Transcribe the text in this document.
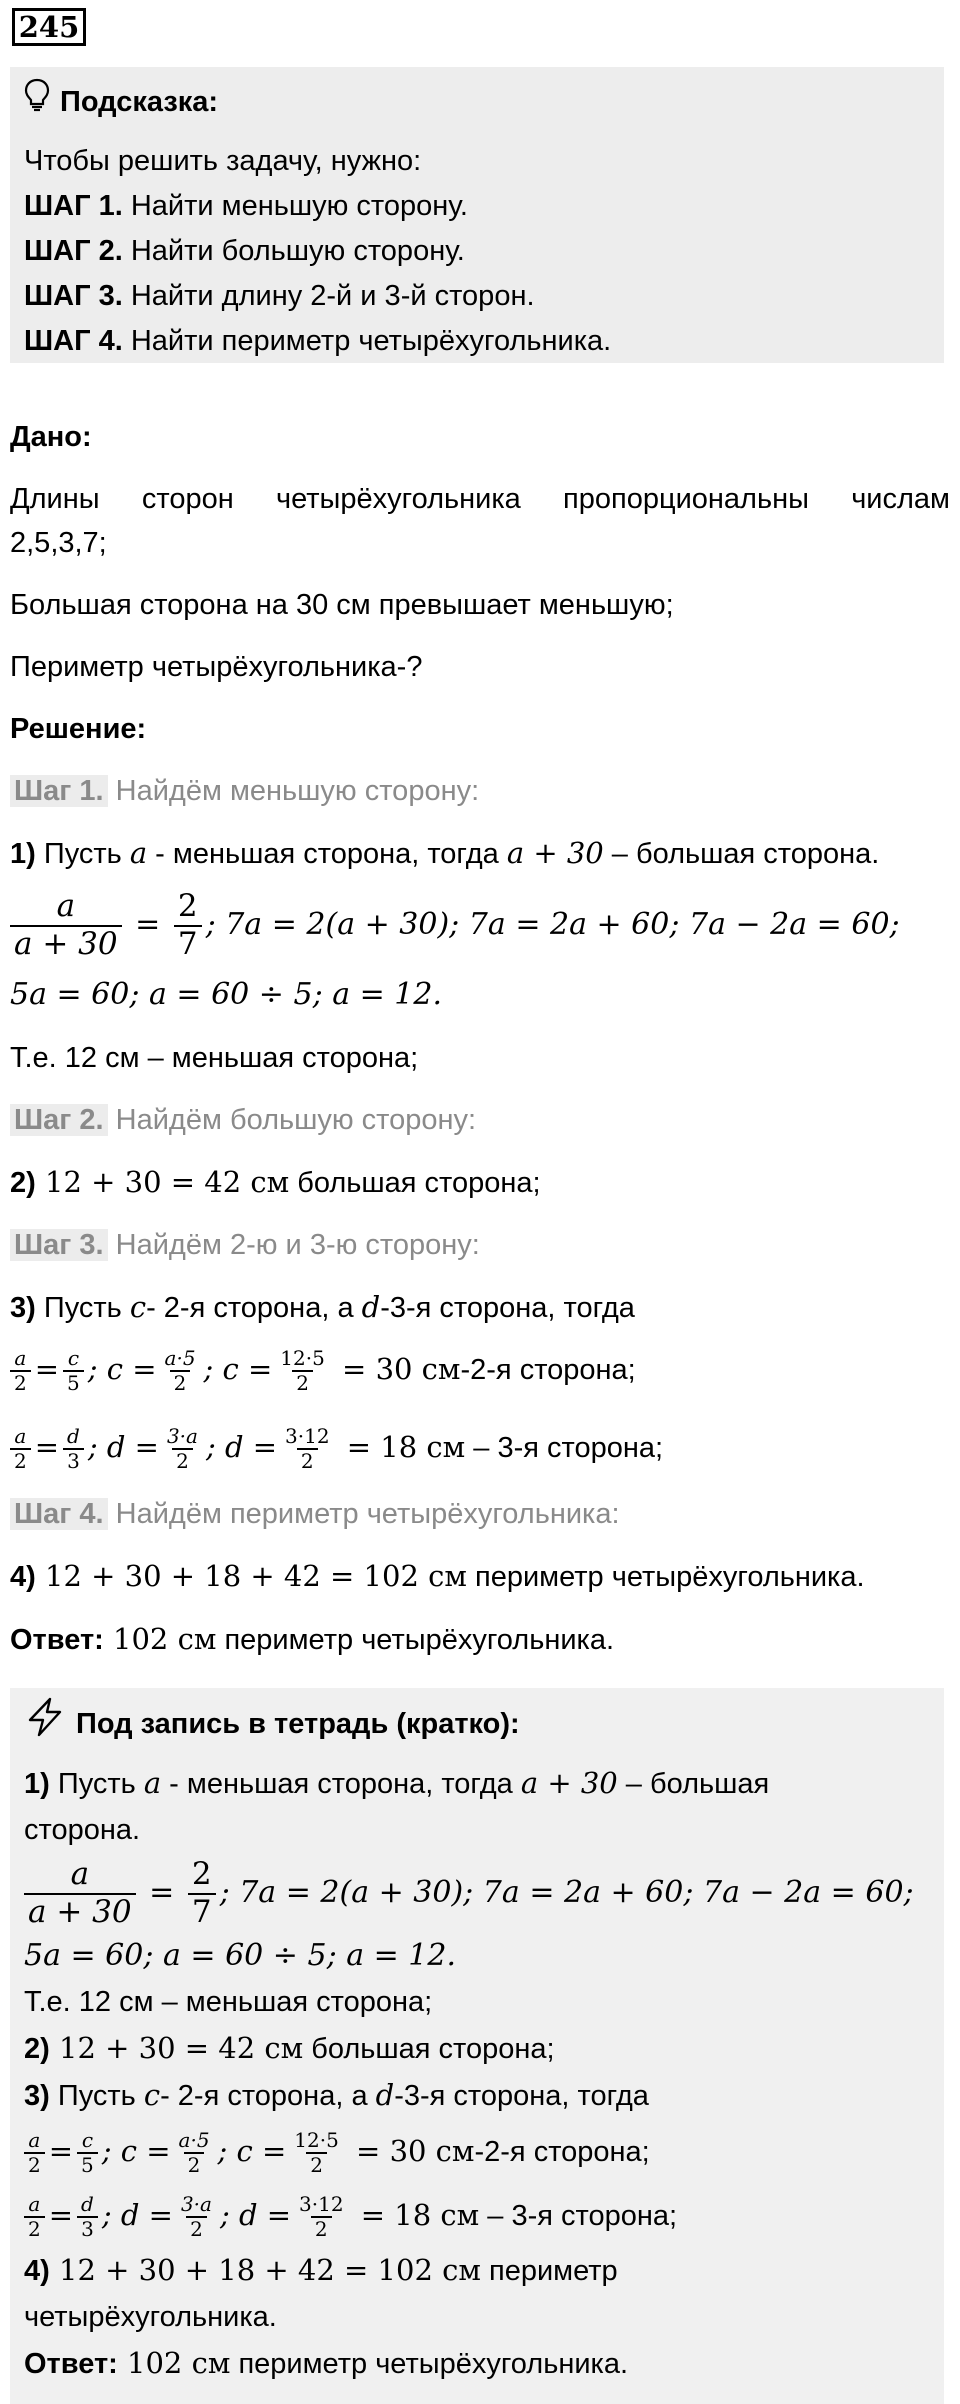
245
Подсказка:

Чтобы решить задачу, нужно:

ШАГ 1. Найти меньшую сторону.

ШАГ 2. Найти большую сторону.

ШАГ 3. Найти длину 2-й и 3-й сторон.

ШАГ 4. Найти периметр четырёхугольника.

Дано:

Длины сторон четырёхугольника пропорциональны числам

2,5,3,7;

Большая сторона на 30 см превышает меньшую;

Периметр четырёхугольника-?

Решение:

Шаг 1. Найдём меньшую сторону:

1) Пусть a - меньшая сторона, тогда a + 30 – большая сторона.

$\frac{a}{a + 30} = \frac{2}{7}$ ; 7a = 2(a + 30); 7a = 2a + 60; 7a − 2a = 60;

5a = 60; a = 60 ÷ 5; a = 12.

Т.е. 12 см – меньшая сторона;

Шаг 2. Найдём большую сторону:

2) 12 + 30 = 42 см большая сторона;

Шаг 3. Найдём 2-ю и 3-ю сторону:

3) Пусть c- 2-я сторона, а d-3-я сторона, тогда

$\frac{a}{2} = \frac{c}{5}$ ; $c = \frac{a\cdot 5}{2}$ ; $c = \frac{12\cdot 5}{2} = 30$ см-2-я сторона;

$\frac{a}{2} = \frac{d}{3}$ ; $d = \frac{3\cdot a}{2}$ ; $d = \frac{3\cdot 12}{2} = 18$ см – 3-я сторона;

Шаг 4. Найдём периметр четырёхугольника:

4) 12 + 30 + 18 + 42 = 102 см периметр четырёхугольника.

Ответ: 102 см периметр четырёхугольника.

Под запись в тетрадь (кратко):

1) Пусть a - меньшая сторона, тогда a + 30 – большая

сторона.

$\frac{a}{a + 30} = \frac{2}{7}$ ; 7a = 2(a + 30); 7a = 2a + 60; 7a − 2a = 60;

5a = 60; a = 60 ÷ 5; a = 12.

Т.е. 12 см – меньшая сторона;

2) 12 + 30 = 42 см большая сторона;

3) Пусть c- 2-я сторона, а d-3-я сторона, тогда

$\frac{a}{2} = \frac{c}{5}$ ; $c = \frac{a\cdot 5}{2}$ ; $c = \frac{12\cdot 5}{2} = 30$ см-2-я сторона;

$\frac{a}{2} = \frac{d}{3}$ ; $d = \frac{3\cdot a}{2}$ ; $d = \frac{3\cdot 12}{2} = 18$ см – 3-я сторона;

4) 12 + 30 + 18 + 42 = 102 см периметр

четырёхугольника.

Ответ: 102 см периметр четырёхугольника.
